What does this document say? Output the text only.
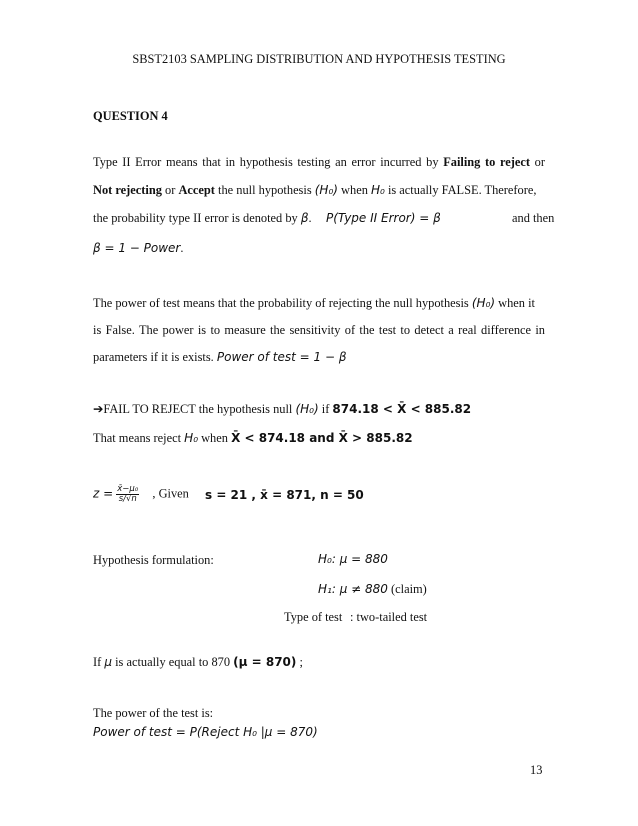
SBST2103 SAMPLING DISTRIBUTION AND HYPOTHESIS TESTING
QUESTION 4
Type II Error means that in hypothesis testing an error incurred by Failing to reject or
Not rejecting or Accept the null hypothesis (H₀) when H₀ is actually FALSE. Therefore,
the probability type II error is denoted by β. P(Type II Error) = β	and then
β = 1 − Power.
The power of test means that the probability of rejecting the null hypothesis (H₀) when it
is False. The power is to measure the sensitivity of the test to detect a real difference in
parameters if it is exists. Power of test = 1 − β
➔FAIL TO REJECT the hypothesis null (H₀) if 874.18 < X̄ < 885.82
That means reject H₀ when X̄ < 874.18 and X̄ > 885.82
$z = \frac{\text{x̄−μ₀}}{s/√n}$ , Given s = 21 , x̄ = 871, n = 50
Hypothesis formulation:	H₀: μ = 880
H₁: μ ≠ 880 (claim)
Type of test : two-tailed test
If μ is actually equal to 870 (μ = 870) ;
The power of the test is:
Power of test = P(Reject H₀ |μ = 870)
13
